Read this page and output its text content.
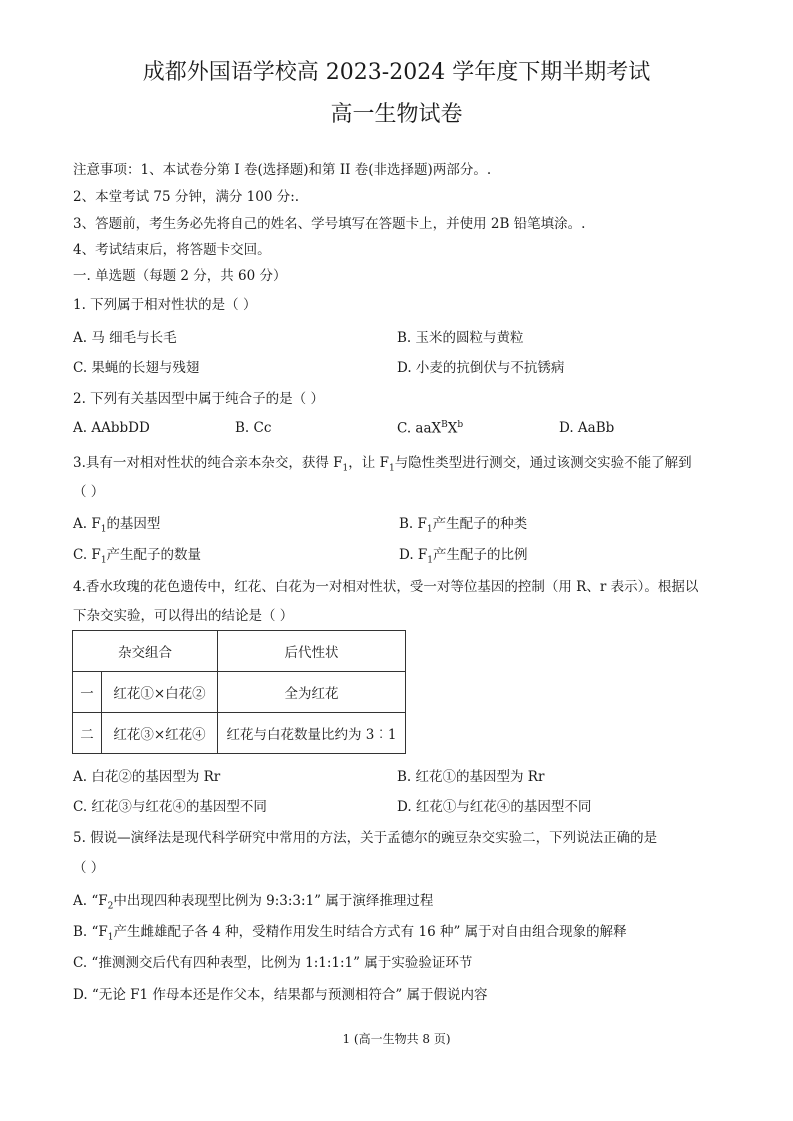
成都外国语学校高 2023-2024 学年度下期半期考试
高一生物试卷
注意事项：1、本试卷分第 I 卷(选择题)和第 II 卷(非选择题)两部分。.
2、本堂考试 75 分钟，满分 100 分:.
3、答题前，考生务必先将自己的姓名、学号填写在答题卡上，并使用 2B 铅笔填涂。.
4、考试结束后，将答题卡交回。
一. 单选题（每题 2 分，共 60 分）
1. 下列属于相对性状的是（ ）
A. 马 细毛与长毛	B. 玉米的圆粒与黄粒
C. 果蝇的长翅与残翅	D. 小麦的抗倒伏与不抗锈病
2. 下列有关基因型中属于纯合子的是（ ）
A. AAbbDD	B. Cc	C. $aaX^BX^b$	D. AaBb
3.具有一对相对性状的纯合亲本杂交，获得 $F_1$，让 $F_1$与隐性类型进行测交，通过该测交实验不能了解到
（ ）
A. $F_1$的基因型	B. $F_1$产生配子的种类
C. $F_1$产生配子的数量	D. $F_1$产生配子的比例
4.香水玫瑰的花色遗传中，红花、白花为一对相对性状，受一对等位基因的控制（用 R、r 表示）。根据以
下杂交实验，可以得出的结论是（ ）
杂交组合		后代性状
一	红花①×白花②	全为红花
二	红花③×红花④	红花与白花数量比约为 3︰1
A. 白花②的基因型为 Rr	B. 红花①的基因型为 Rr
C. 红花③与红花④的基因型不同	D. 红花①与红花④的基因型不同
5. 假说—演绎法是现代科学研究中常用的方法，关于孟德尔的豌豆杂交实验二，下列说法正确的是
（ ）
A. “$F_2$中出现四种表现型比例为 9:3:3:1” 属于演绎推理过程
B. “$F_1$产生雌雄配子各 4 种，受精作用发生时结合方式有 16 种” 属于对自由组合现象的解释
C. “推测测交后代有四种表型，比例为 1:1:1:1” 属于实验验证环节
D. “无论 F1 作母本还是作父本，结果都与预测相符合” 属于假说内容
1 (高一生物共 8 页)
